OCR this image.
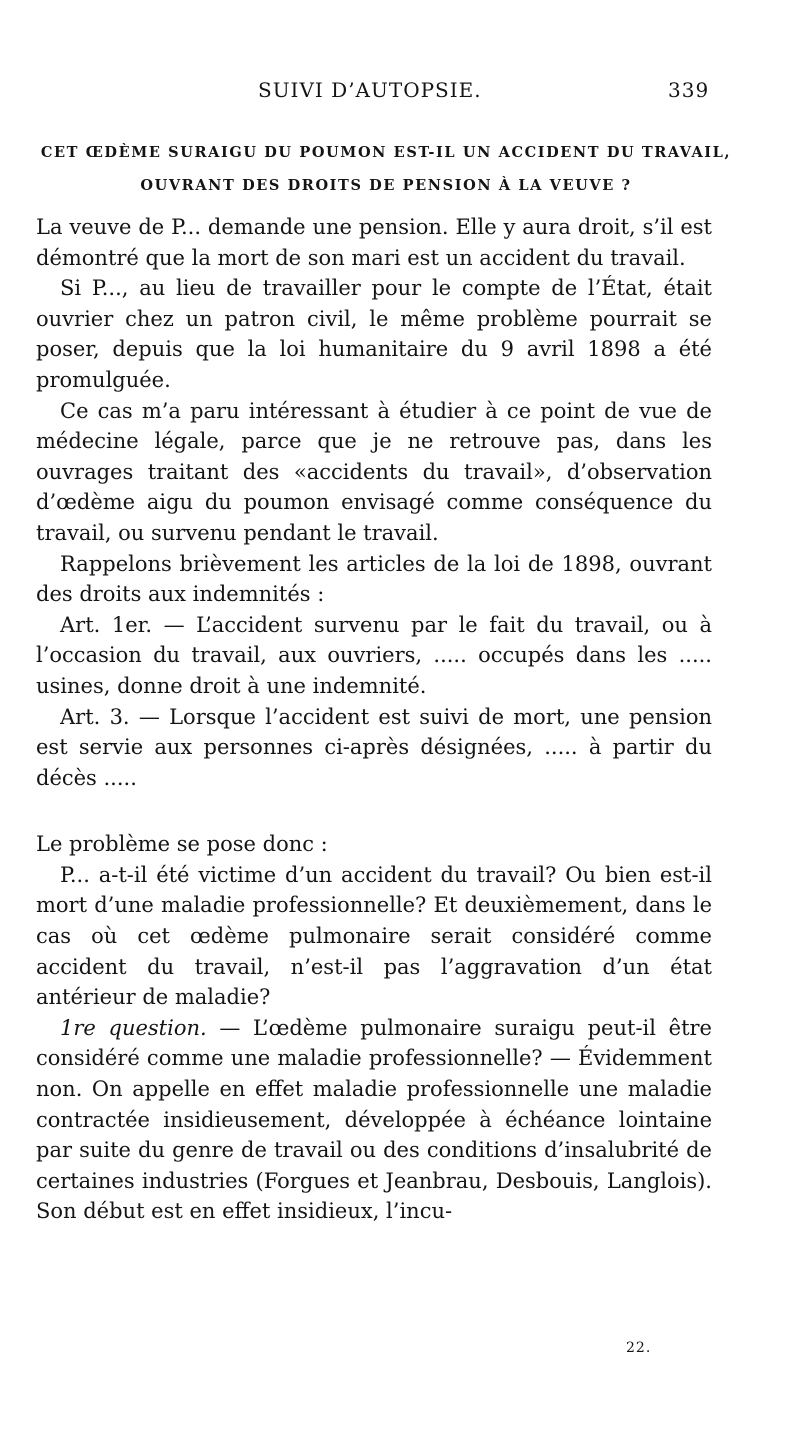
SUIVI D’AUTOPSIE.	339
CET ŒDÈME SURAIGU DU POUMON EST-IL UN ACCIDENT DU TRAVAIL,
OUVRANT DES DROITS DE PENSION À LA VEUVE ?

La veuve de P... demande une pension. Elle y aura droit, s’il est démontré que la mort de son mari est un accident du travail.

Si P..., au lieu de travailler pour le compte de l’État, était ouvrier chez un patron civil, le même problème pourrait se poser, depuis que la loi humanitaire du 9 avril 1898 a été promulguée.

Ce cas m’a paru intéressant à étudier à ce point de vue de médecine légale, parce que je ne retrouve pas, dans les ouvrages traitant des «accidents du travail», d’observation d’œdème aigu du poumon envisagé comme conséquence du travail, ou survenu pendant le travail.

Rappelons brièvement les articles de la loi de 1898, ouvrant des droits aux indemnités :

Art. 1er. — L’accident survenu par le fait du travail, ou à l’occasion du travail, aux ouvriers, ..... occupés dans les ..... usines, donne droit à une indemnité.

Art. 3. — Lorsque l’accident est suivi de mort, une pension est servie aux personnes ci-après désignées, ..... à partir du décès .....

Le problème se pose donc :

P... a-t-il été victime d’un accident du travail? Ou bien est-il mort d’une maladie professionnelle? Et deuxièmement, dans le cas où cet œdème pulmonaire serait considéré comme accident du travail, n’est-il pas l’aggravation d’un état antérieur de maladie?

1re question. — L’œdème pulmonaire suraigu peut-il être considéré comme une maladie professionnelle? — Évidemment non. On appelle en effet maladie professionnelle une maladie contractée insidieusement, développée à échéance lointaine par suite du genre de travail ou des conditions d’insalubrité de certaines industries (Forgues et Jeanbrau, Desbouis, Langlois). Son début est en effet insidieux, l’incu-

22.
